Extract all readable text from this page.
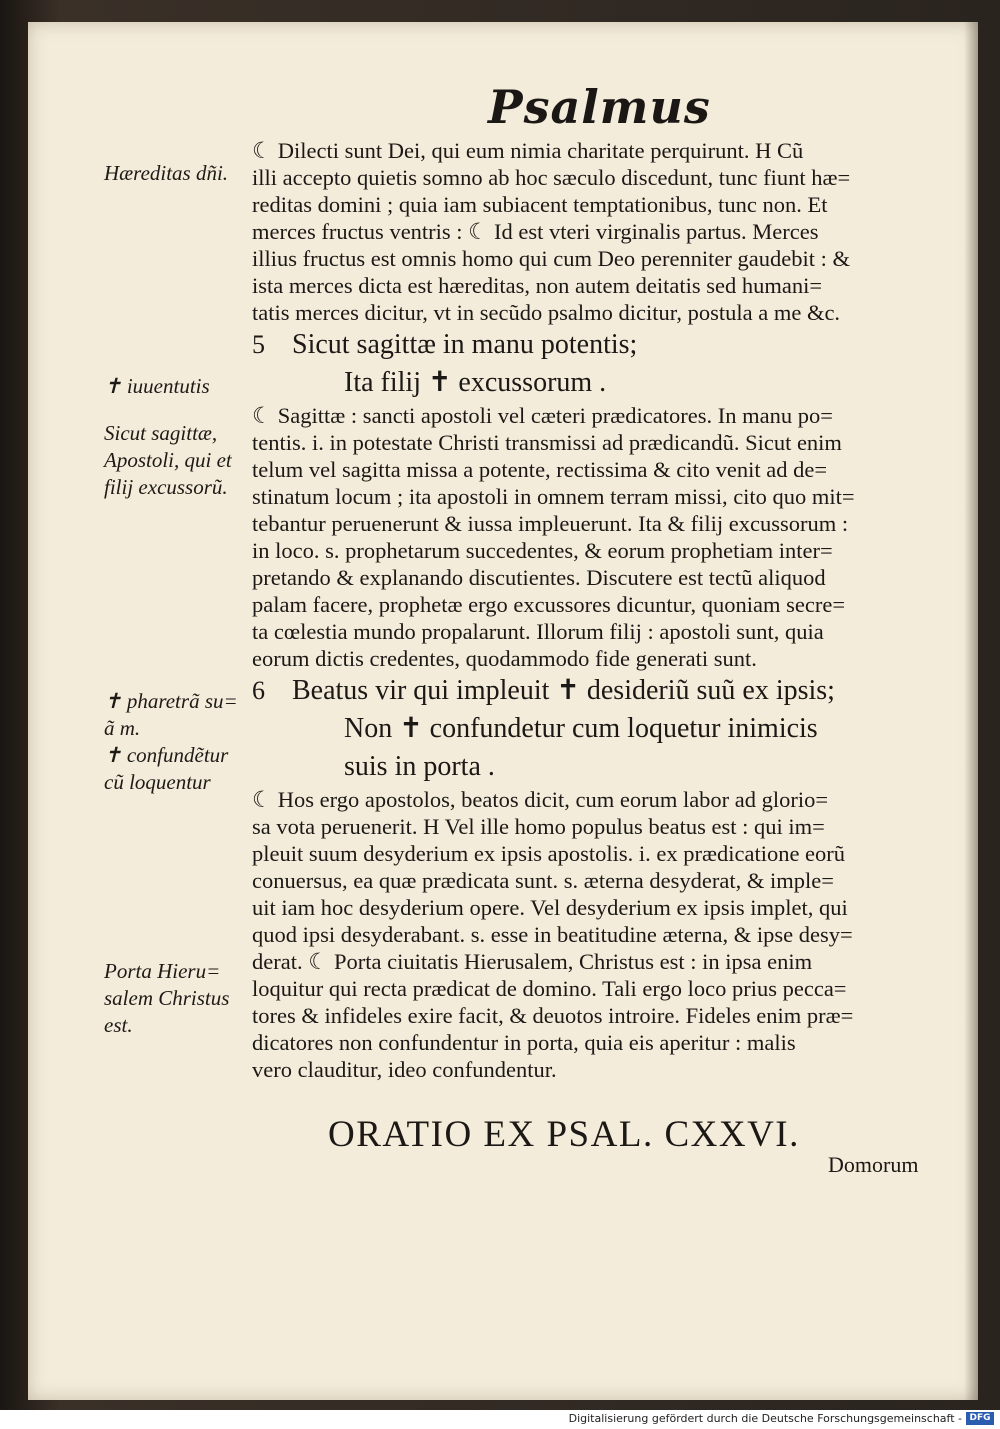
Psalmus
Hæreditas dñi.
✝ iuuentutis
Sicut sagittæ,
Apostoli, qui et
filij excussorũ.
✝ pharetrã su=
ã m.
✝ confundẽtur
cũ loquentur
Porta Hieru=
salem Christus
est.
☾ Dilecti sunt Dei, qui eum nimia charitate perquirunt. H Cũ
illi accepto quietis somno ab hoc sæculo discedunt, tunc fiunt hæ=
reditas domini ; quia iam subiacent temptationibus, tunc non. Et
merces fructus ventris : ☾ Id est vteri virginalis partus. Merces
illius fructus est omnis homo qui cum Deo perenniter gaudebit : &
ista merces dicta est hæreditas, non autem deitatis sed humani=
tatis merces dicitur, vt in secũdo psalmo dicitur, postula a me &c.
5 Sicut sagittæ in manu potentis;
Ita filij ✝ excussorum .
☾ Sagittæ : sancti apostoli vel cæteri prædicatores. In manu po=
tentis. i. in potestate Christi transmissi ad prædicandũ. Sicut enim
telum vel sagitta missa a potente, rectissima & cito venit ad de=
stinatum locum ; ita apostoli in omnem terram missi, cito quo mit=
tebantur peruenerunt & iussa impleuerunt. Ita & filij excussorum :
in loco. s. prophetarum succedentes, & eorum prophetiam inter=
pretando & explanando discutientes. Discutere est tectũ aliquod
palam facere, prophetæ ergo excussores dicuntur, quoniam secre=
ta cœlestia mundo propalarunt. Illorum filij : apostoli sunt, quia
eorum dictis credentes, quodammodo fide generati sunt.
6 Beatus vir qui impleuit ✝ desideriũ suũ ex ipsis;
Non ✝ confundetur cum loquetur inimicis
suis in porta .
☾ Hos ergo apostolos, beatos dicit, cum eorum labor ad glorio=
sa vota peruenerit. H Vel ille homo populus beatus est : qui im=
pleuit suum desyderium ex ipsis apostolis. i. ex prædicatione eorũ
conuersus, ea quæ prædicata sunt. s. æterna desyderat, & imple=
uit iam hoc desyderium opere. Vel desyderium ex ipsis implet, qui
quod ipsi desyderabant. s. esse in beatitudine æterna, & ipse desy=
derat. ☾ Porta ciuitatis Hierusalem, Christus est : in ipsa enim
loquitur qui recta prædicat de domino. Tali ergo loco prius pecca=
tores & infideles exire facit, & deuotos introire. Fideles enim præ=
dicatores non confundentur in porta, quia eis aperitur : malis
vero clauditur, ideo confundentur.
ORATIO EX PSAL. CXXVI.
Domorum
Digitalisierung gefördert durch die Deutsche Forschungsgemeinschaft - DFG
